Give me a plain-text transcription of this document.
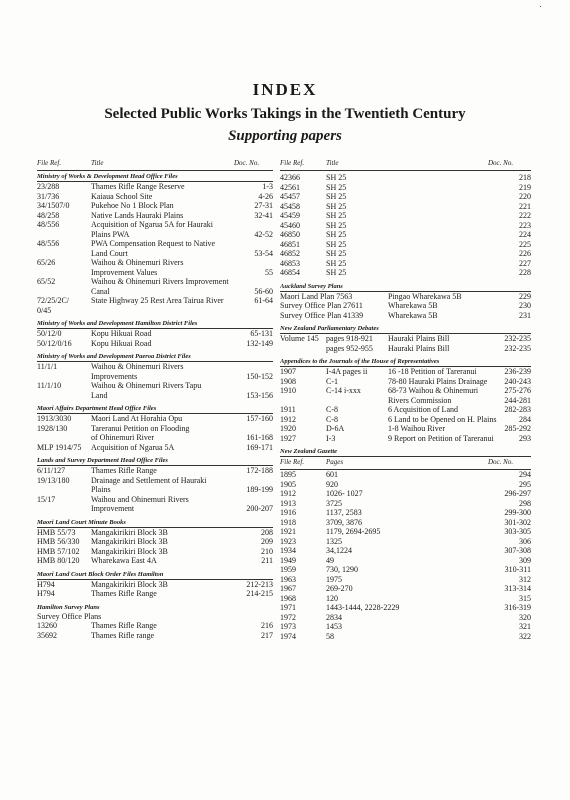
INDEX
Selected Public Works Takings in the Twentieth Century
Supporting papers
File Ref.	Title	Doc. No.
Ministry of Works & Development Head Office Files
23/288	Thames Rifle Range Reserve	1-3
31/736	Kaiaua School Site	4-26
34/1507/0	Pukehoe No 1 Block Plan	27-31
48/258	Native Lands Hauraki Plains	32-41
48/556	Acquisition of Ngarua 5A for Hauraki
Plains PWA	42-52
48/556	PWA Compensation Request to Native
Land Court	53-54
65/26	Waihou & Ohinemuri Rivers
Improvement Values	55
65/52	Waihou & Ohinemuri Rivers Improvement
Canal	56-60
72/25/2C/	State Highway 25 Rest Area Tairua River	61-64
0/45
Ministry of Works and Development Hamilton District Files
50/12/0	Kopu Hikuai Road	65-131
50/12/0/16 Kopu Hikuai Road	132-149
Ministry of Works and Development Paeroa District Files
11/1/1	Waihou & Ohinemuri Rivers
Improvements	150-152
11/1/10	Waihou & Ohinemuri Rivers Tapu
Land	153-156
Maori Affairs Department Head Office Files
1913/3030 Maori Land At Horahia Opu	157-160
1928/130	Tareranui Petition on Flooding
of Ohinemuri River	161-168
MLP 1914/75 Acquisition of Ngarua 5A	169-171
Lands and Survey Department Head Office Files
6/11/127	Thames Rifle Range	172-188
19/13/180	Drainage and Settlement of Hauraki
Plains	189-199
15/17	Waihou and Ohinemuri Rivers
Improvement	200-207
Maori Land Court Minute Books
HMB 55/73 Mangakirikiri Block 3B	208
HMB 56/330 Mangakirikiri Block 3B	209
HMB 57/102 Mangakirikiri Block 3B	210
HMB 80/120 Wharekawa East 4A	211
Maori Land Court Block Order Files Hamilton
H794	Mangakirikiri Block 3B	212-213
H794	Thames Rifle Range	214-215
Hamilton Survey Plans
Survey Office Plans
13260	Thames Rifle Range	216
35692	Thames Rifle range	217
File Ref.	Title	Doc. No.
42366	SH 25	218
42561	SH 25	219
45457	SH 25	220
45458	SH 25	221
45459	SH 25	222
45460	SH 25	223
46850	SH 25	224
46851	SH 25	225
46852	SH 25	226
46853	SH 25	227
46854	SH 25	228
Auckland Survey Plans
Maori Land Plan 7563	Pingao Wharekawa 5B	229
Survey Office Plan 27611	Wharekawa 5B	230
Survey Office Plan 41339	Wharekawa 5B	231
New Zealand Parliamentary Debates
Volume 145 pages 918-921 Hauraki Plains Bill	232-235
pages 952-955 Hauraki Plains Bill	232-235
Appendices to the Journals of the House of Representatives
1907	I-4A pages ii	16 -18 Petition of Tareranui	236-239
1908	C-1	78-80 Hauraki Plains Drainage 240-243
1910	C-14 i-xxx	68-73 Waihou & Ohinemuri	275-276
Rivers Commission	244-281
1911	C-8	6 Acquisition of Land	282-283
1912	C-8	6 Land to be Opened on H. Plains	284
1920	D-6A	1-8 Waihou River	285-292
1927	I-3	9 Report on Petition of Tareranui	293
New Zealand Gazette
File Ref.	Pages	Doc. No.
1895	601	294
1905	920	295
1912	1026- 1027	296-297
1913	3725	298
1916	1137, 2583	299-300
1918	3709, 3876	301-302
1921	1179, 2694-2695	303-305
1923	1325	306
1934	34,1224	307-308
1949	49	309
1959	730, 1290	310-311
1963	1975	312
1967	269-270	313-314
1968	120	315
1971	1443-1444, 2228-2229	316-319
1972	2834	320
1973	1453	321
1974	58	322
